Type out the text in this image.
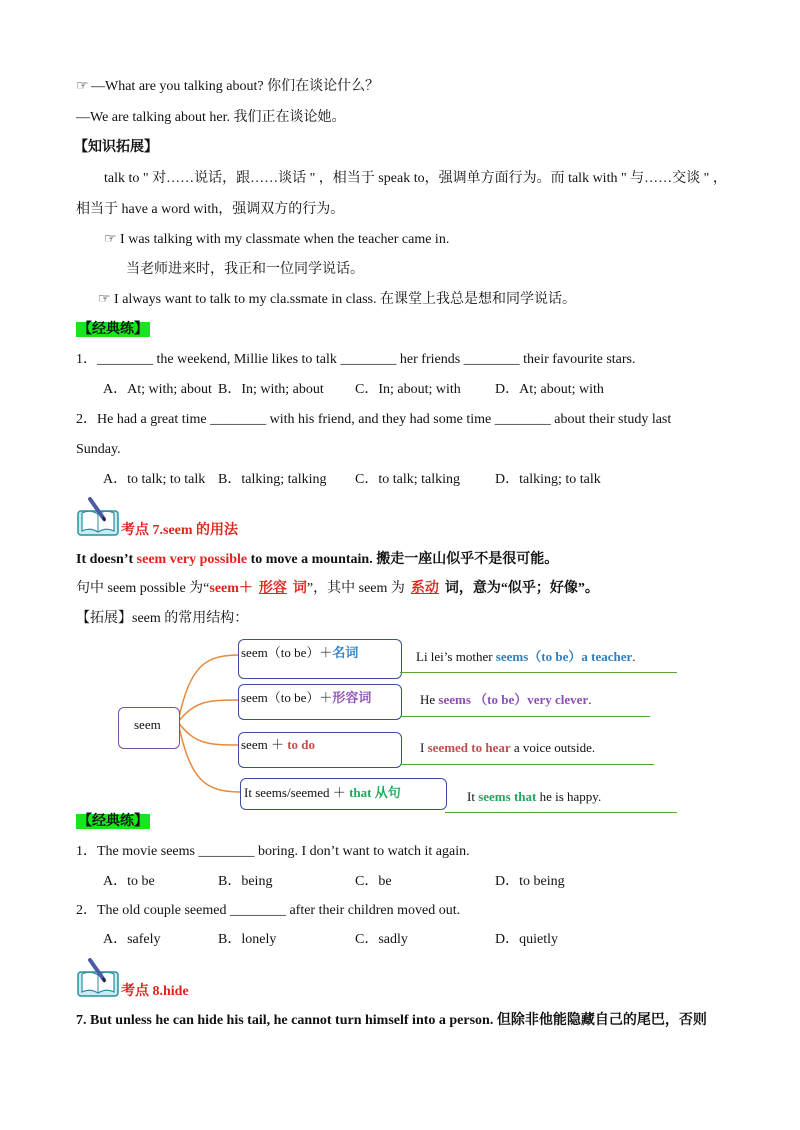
☞ —What are you talking about? 你们在谈论什么？
—We are talking about her. 我们正在谈论她。
【知识拓展】
talk to " 对……说话，跟……谈话 " ，相当于 speak to，强调单方面行为。而 talk with " 与……交谈 " ，
相当于 have a word with，强调双方的行为。
☞ I was talking with my classmate when the teacher came in.
当老师进来时，我正和一位同学说话。
☞ I always want to talk to my cla.ssmate in class. 在课堂上我总是想和同学说话。
【经典练】
1．________ the weekend, Millie likes to talk ________ her friends ________ their favourite stars.
A．At; with; about B．In; with; about C．In; about; with D．At; about; with
2．He had a great time ________ with his friend, and they had some time ________ about their study last
Sunday.
A．to talk; to talk B．talking; talking C．to talk; talking	D．talking; to talk
考点 7.seem 的用法
It doesn’t seem very possible to move a mountain. 搬走一座山似乎不是很可能。
句中 seem possible 为“seem＋ 形容 词”，其中 seem 为 系动 词，意为“似乎；好像”。
【拓展】seem 的常用结构：
seem
seem（to be）＋名词	Li lei’s mother seems（to be）a teacher.
seem（to be）＋形容词	He seems （to be）very clever.
seem ＋ to do	I seemed to hear a voice outside.
It seems/seemed ＋ that 从句	It seems that he is happy.
【经典练】
1．The movie seems ________ boring. I don’t want to watch it again.
A．to be	B．being	C．be	D．to being
2．The old couple seemed ________ after their children moved out.
A．safely	B．lonely	C．sadly	D．quietly
考点 8.hide
7. But unless he can hide his tail, he cannot turn himself into a person. 但除非他能隐藏自己的尾巴，否则
